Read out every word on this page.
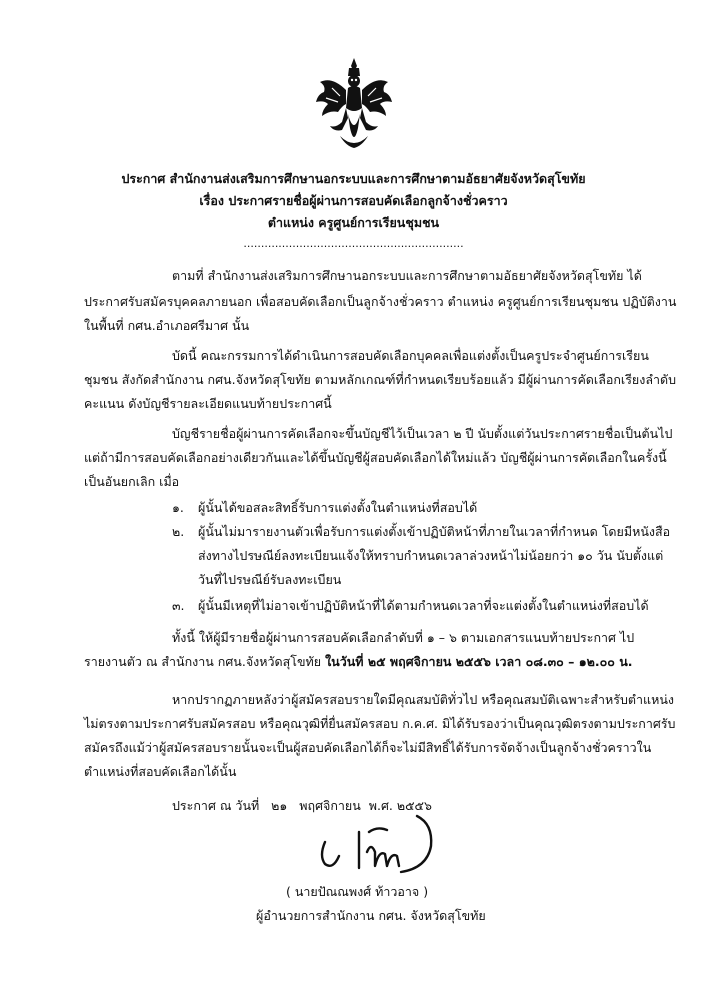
ประกาศ สำนักงานส่งเสริมการศึกษานอกระบบและการศึกษาตามอัธยาศัยจังหวัดสุโขทัย
เรื่อง ประกาศรายชื่อผู้ผ่านการสอบคัดเลือกลูกจ้างชั่วคราว
ตำแหน่ง ครูศูนย์การเรียนชุมชน
...............................................................
ตามที่ สำนักงานส่งเสริมการศึกษานอกระบบและการศึกษาตามอัธยาศัยจังหวัดสุโขทัย ได้
ประกาศรับสมัครบุคคลภายนอก เพื่อสอบคัดเลือกเป็นลูกจ้างชั่วคราว ตำแหน่ง ครูศูนย์การเรียนชุมชน ปฏิบัติงาน
ในพื้นที่ กศน.อำเภอศรีมาศ นั้น
บัดนี้ คณะกรรมการได้ดำเนินการสอบคัดเลือกบุคคลเพื่อแต่งตั้งเป็นครูประจำศูนย์การเรียน
ชุมชน สังกัดสำนักงาน กศน.จังหวัดสุโขทัย ตามหลักเกณฑ์ที่กำหนดเรียบร้อยแล้ว มีผู้ผ่านการคัดเลือกเรียงลำดับ
คะแนน ดังบัญชีรายละเอียดแนบท้ายประกาศนี้
บัญชีรายชื่อผู้ผ่านการคัดเลือกจะขึ้นบัญชีไว้เป็นเวลา ๒ ปี นับตั้งแต่วันประกาศรายชื่อเป็นต้นไป
แต่ถ้ามีการสอบคัดเลือกอย่างเดียวกันและได้ขึ้นบัญชีผู้สอบคัดเลือกได้ใหม่แล้ว บัญชีผู้ผ่านการคัดเลือกในครั้งนี้
เป็นอันยกเลิก เมื่อ
๑. ผู้นั้นได้ขอสละสิทธิ์รับการแต่งตั้งในตำแหน่งที่สอบได้
๒. ผู้นั้นไม่มารายงานตัวเพื่อรับการแต่งตั้งเข้าปฏิบัติหน้าที่ภายในเวลาที่กำหนด โดยมีหนังสือ
ส่งทางไปรษณีย์ลงทะเบียนแจ้งให้ทราบกำหนดเวลาล่วงหน้าไม่น้อยกว่า ๑๐ วัน นับตั้งแต่
วันที่ไปรษณีย์รับลงทะเบียน
๓. ผู้นั้นมีเหตุที่ไม่อาจเข้าปฏิบัติหน้าที่ได้ตามกำหนดเวลาที่จะแต่งตั้งในตำแหน่งที่สอบได้
ทั้งนี้ ให้ผู้มีรายชื่อผู้ผ่านการสอบคัดเลือกลำดับที่ ๑ – ๖ ตามเอกสารแนบท้ายประกาศ ไป
รายงานตัว ณ สำนักงาน กศน.จังหวัดสุโขทัย ในวันที่ ๒๕ พฤศจิกายน ๒๕๕๖ เวลา ๐๘.๓๐ – ๑๒.๐๐ น.
หากปรากฏภายหลังว่าผู้สมัครสอบรายใดมีคุณสมบัติทั่วไป หรือคุณสมบัติเฉพาะสำหรับตำแหน่ง
ไม่ตรงตามประกาศรับสมัครสอบ หรือคุณวุฒิที่ยื่นสมัครสอบ ก.ค.ศ. มิได้รับรองว่าเป็นคุณวุฒิตรงตามประกาศรับ
สมัครถึงแม้ว่าผู้สมัครสอบรายนั้นจะเป็นผู้สอบคัดเลือกได้ก็จะไม่มีสิทธิ์ได้รับการจัดจ้างเป็นลูกจ้างชั่วคราวใน
ตำแหน่งที่สอบคัดเลือกได้นั้น
ประกาศ ณ วันที่ ๒๑ พฤศจิกายน พ.ศ. ๒๕๕๖
( นายปัณณพงศ์ ท้าวอาจ )
ผู้อำนวยการสำนักงาน กศน. จังหวัดสุโขทัย
